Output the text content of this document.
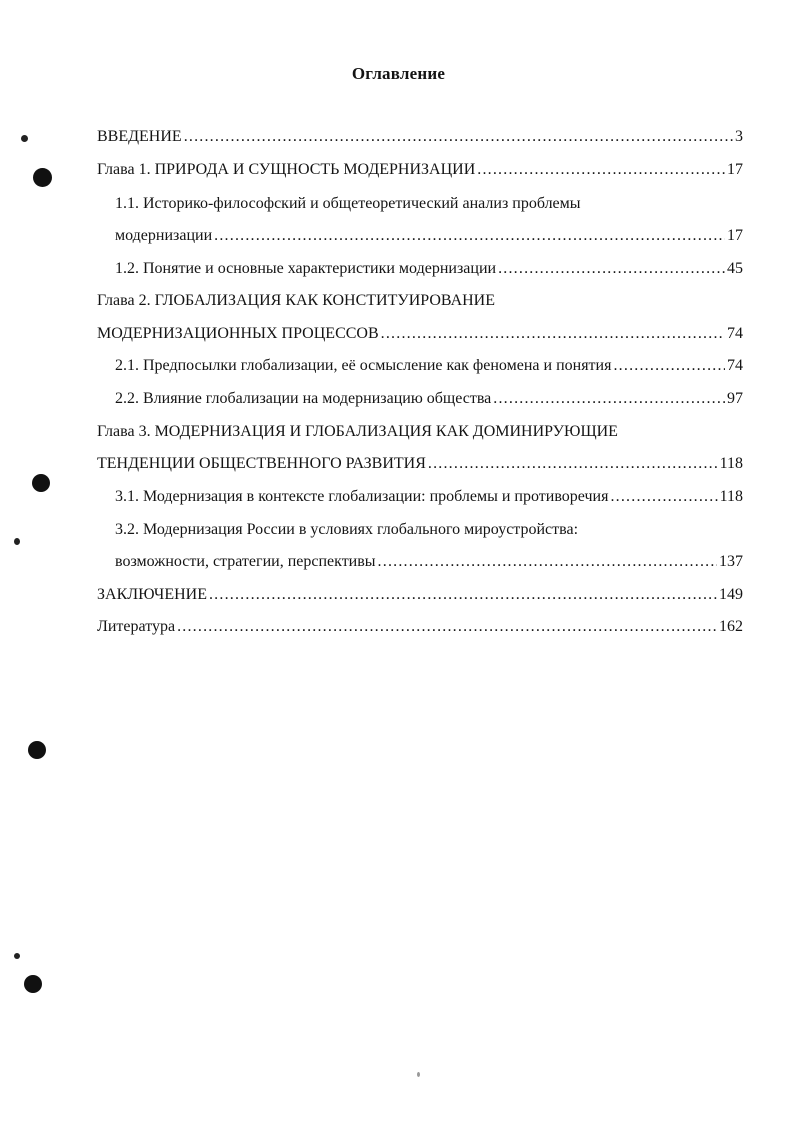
Оглавление
ВВЕДЕНИЕ .....	3
Глава 1. ПРИРОДА И СУЩНОСТЬ МОДЕРНИЗАЦИИ .....	17
1.1. Историко-философский и общетеоретический анализ проблемы
модернизации .....	17
1.2. Понятие и основные характеристики модернизации .....	45
Глава 2. ГЛОБАЛИЗАЦИЯ КАК КОНСТИТУИРОВАНИЕ
МОДЕРНИЗАЦИОННЫХ ПРОЦЕССОВ .....	74
2.1. Предпосылки глобализации, её осмысление как феномена и понятия .....	74
2.2. Влияние глобализации на модернизацию общества .....	97
Глава 3. МОДЕРНИЗАЦИЯ И ГЛОБАЛИЗАЦИЯ КАК ДОМИНИРУЮЩИЕ
ТЕНДЕНЦИИ ОБЩЕСТВЕННОГО РАЗВИТИЯ .....	118
3.1. Модернизация в контексте глобализации: проблемы и противоречия .....	118
3.2. Модернизация России в условиях глобального мироустройства:
возможности, стратегии, перспективы .....	137
ЗАКЛЮЧЕНИЕ .....	149
Литература .....	162
